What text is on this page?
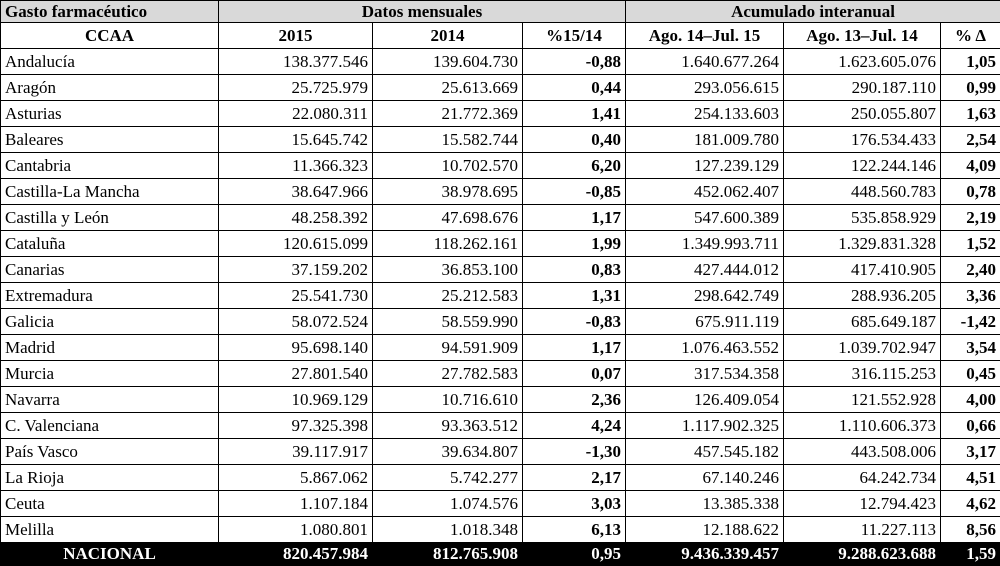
Gasto farmacéutico	Datos mensuales			Acumulado interanual		
CCAA	2015	2014	%15/14	Ago. 14–Jul. 15	Ago. 13–Jul. 14	% Δ
Andalucía	138.377.546	139.604.730	-0,88	1.640.677.264	1.623.605.076	1,05
Aragón	25.725.979	25.613.669	0,44	293.056.615	290.187.110	0,99
Asturias	22.080.311	21.772.369	1,41	254.133.603	250.055.807	1,63
Baleares	15.645.742	15.582.744	0,40	181.009.780	176.534.433	2,54
Cantabria	11.366.323	10.702.570	6,20	127.239.129	122.244.146	4,09
Castilla-La Mancha	38.647.966	38.978.695	-0,85	452.062.407	448.560.783	0,78
Castilla y León	48.258.392	47.698.676	1,17	547.600.389	535.858.929	2,19
Cataluña	120.615.099	118.262.161	1,99	1.349.993.711	1.329.831.328	1,52
Canarias	37.159.202	36.853.100	0,83	427.444.012	417.410.905	2,40
Extremadura	25.541.730	25.212.583	1,31	298.642.749	288.936.205	3,36
Galicia	58.072.524	58.559.990	-0,83	675.911.119	685.649.187	-1,42
Madrid	95.698.140	94.591.909	1,17	1.076.463.552	1.039.702.947	3,54
Murcia	27.801.540	27.782.583	0,07	317.534.358	316.115.253	0,45
Navarra	10.969.129	10.716.610	2,36	126.409.054	121.552.928	4,00
C. Valenciana	97.325.398	93.363.512	4,24	1.117.902.325	1.110.606.373	0,66
País Vasco	39.117.917	39.634.807	-1,30	457.545.182	443.508.006	3,17
La Rioja	5.867.062	5.742.277	2,17	67.140.246	64.242.734	4,51
Ceuta	1.107.184	1.074.576	3,03	13.385.338	12.794.423	4,62
Melilla	1.080.801	1.018.348	6,13	12.188.622	11.227.113	8,56
NACIONAL	820.457.984	812.765.908	0,95	9.436.339.457	9.288.623.688	1,59
